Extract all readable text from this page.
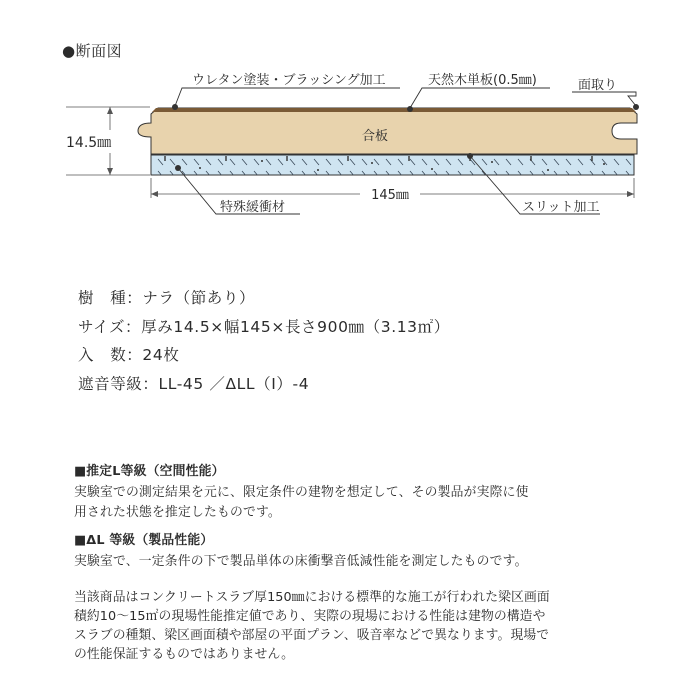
●断面図
14.5㎜	合板
ウレタン塗装・ブラッシング加工	天然木単板(0.5㎜)	面取り
145㎜
特殊緩衝材	スリット加工
樹　種：ナラ（節あり）
サイズ：厚み14.5×幅145×長さ900㎜（3.13㎡）
入　数：24枚
遮音等級：LL-45 ／ΔLL（Ⅰ）-4
■推定L等級（空間性能）
実験室での測定結果を元に、限定条件の建物を想定して、その製品が実際に使
用された状態を推定したものです。
■ΔL 等級（製品性能）
実験室で、一定条件の下で製品単体の床衝撃音低減性能を測定したものです。
当該商品はコンクリートスラブ厚150㎜における標準的な施工が行われた梁区画面
積約10～15㎡の現場性能推定値であり、実際の現場における性能は建物の構造や
スラブの種類、梁区画面積や部屋の平面プラン、吸音率などで異なります。現場で
の性能保証するものではありません。
